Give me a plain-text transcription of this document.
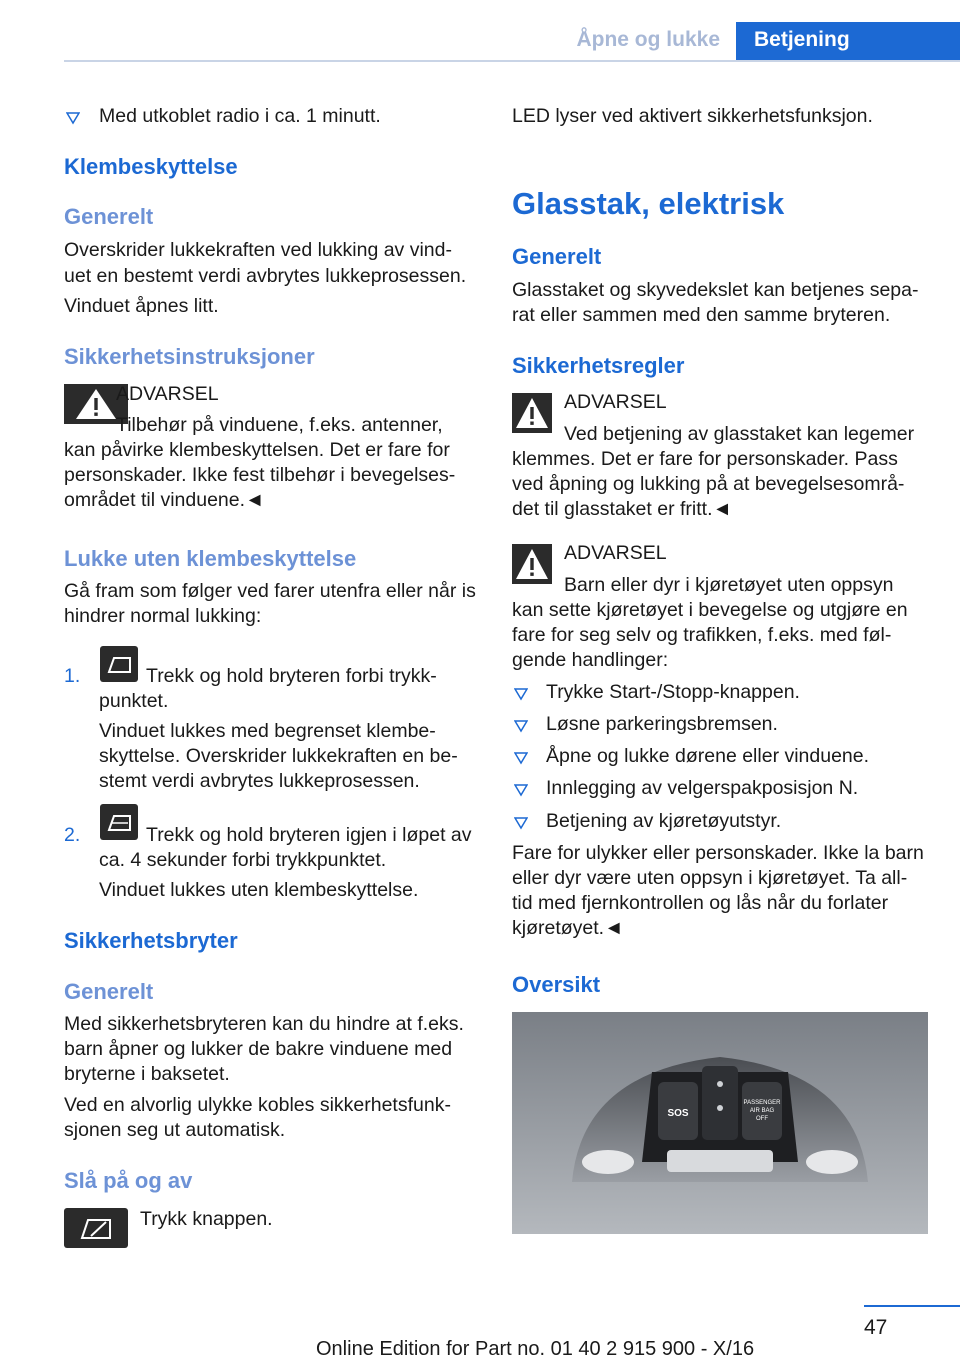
Åpne og lukke	Betjening

Med utkoblet radio i ca. 1 minutt.

Klembeskyttelse
Generelt

Overskrider lukkekraften ved lukking av vind‐

uet en bestemt verdi avbrytes lukkeprosessen.

Vinduet åpnes litt.

Sikkerhetsinstruksjoner

ADVARSEL

Tilbehør på vinduene, f.eks. antenner,

kan påvirke klembeskyttelsen. Det er fare for

personskader. Ikke fest tilbehør i bevegelses‐

området til vinduene.◄

Lukke uten klembeskyttelse

Gå fram som følger ved farer utenfra eller når is

hindrer normal lukking:

1.	Trekk og hold bryteren forbi trykk‐

punktet.

Vinduet lukkes med begrenset klembe‐

skyttelse. Overskrider lukkekraften en be‐

stemt verdi avbrytes lukkeprosessen.

2.	Trekk og hold bryteren igjen i løpet av

ca. 4 sekunder forbi trykkpunktet.

Vinduet lukkes uten klembeskyttelse.

Sikkerhetsbryter
Generelt

Med sikkerhetsbryteren kan du hindre at f.eks.

barn åpner og lukker de bakre vinduene med

bryterne i baksetet.

Ved en alvorlig ulykke kobles sikkerhetsfunk‐

sjonen seg ut automatisk.

Slå på og av

Trykk knappen.

LED lyser ved aktivert sikkerhetsfunksjon.

Glasstak, elektrisk
Generelt

Glasstaket og skyvedekslet kan betjenes sepa‐

rat eller sammen med den samme bryteren.

Sikkerhetsregler

ADVARSEL

Ved betjening av glasstaket kan legemer

klemmes. Det er fare for personskader. Pass

ved åpning og lukking på at bevegelsesområ‐

det til glasstaket er fritt.◄

ADVARSEL

Barn eller dyr i kjøretøyet uten oppsyn

kan sette kjøretøyet i bevegelse og utgjøre en

fare for seg selv og trafikken, f.eks. med føl‐

gende handlinger:

Trykke Start-/Stopp-knappen.

Løsne parkeringsbremsen.

Åpne og lukke dørene eller vinduene.

Innlegging av velgerspakposisjon N.

Betjening av kjøretøyutstyr.

Fare for ulykker eller personskader. Ikke la barn

eller dyr være uten oppsyn i kjøretøyet. Ta all‐

tid med fjernkontrollen og lås når du forlater

kjøretøyet.◄

Oversikt
SOS
PASSENGER
AIR BAG
OFF
47
Online Edition for Part no. 01 40 2 915 900 - X/16
